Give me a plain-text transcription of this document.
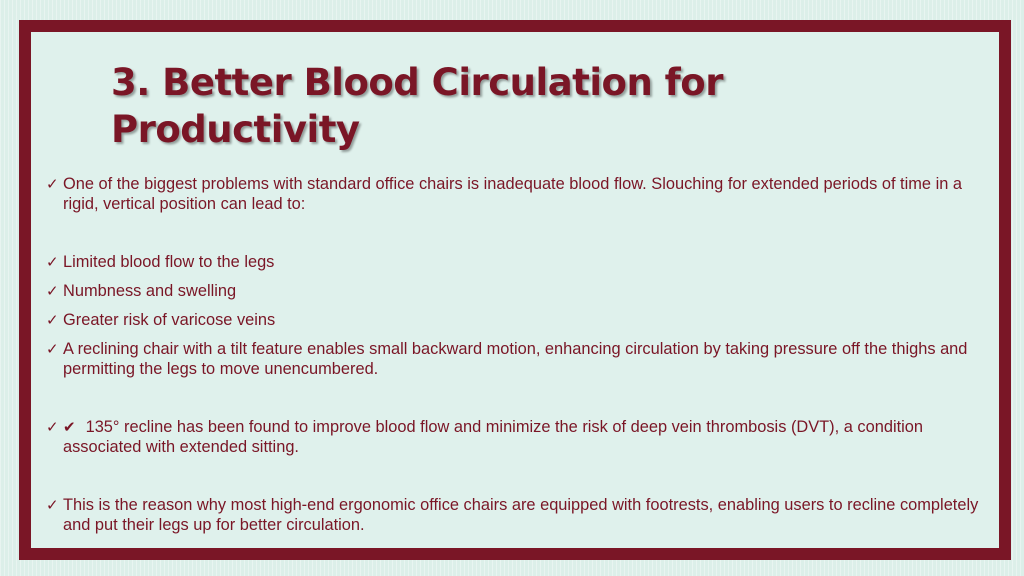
3. Better Blood Circulation for Productivity
✓ One of the biggest problems with standard office chairs is inadequate blood flow. Slouching for extended periods of time in a rigid, vertical position can lead to:
✓ Limited blood flow to the legs
✓ Numbness and swelling
✓ Greater risk of varicose veins
✓ A reclining chair with a tilt feature enables small backward motion, enhancing circulation by taking pressure off the thighs and permitting the legs to move unencumbered.
✓ ✔ 135° recline has been found to improve blood flow and minimize the risk of deep vein thrombosis (DVT), a condition associated with extended sitting.
✓ This is the reason why most high-end ergonomic office chairs are equipped with footrests, enabling users to recline completely and put their legs up for better circulation.
